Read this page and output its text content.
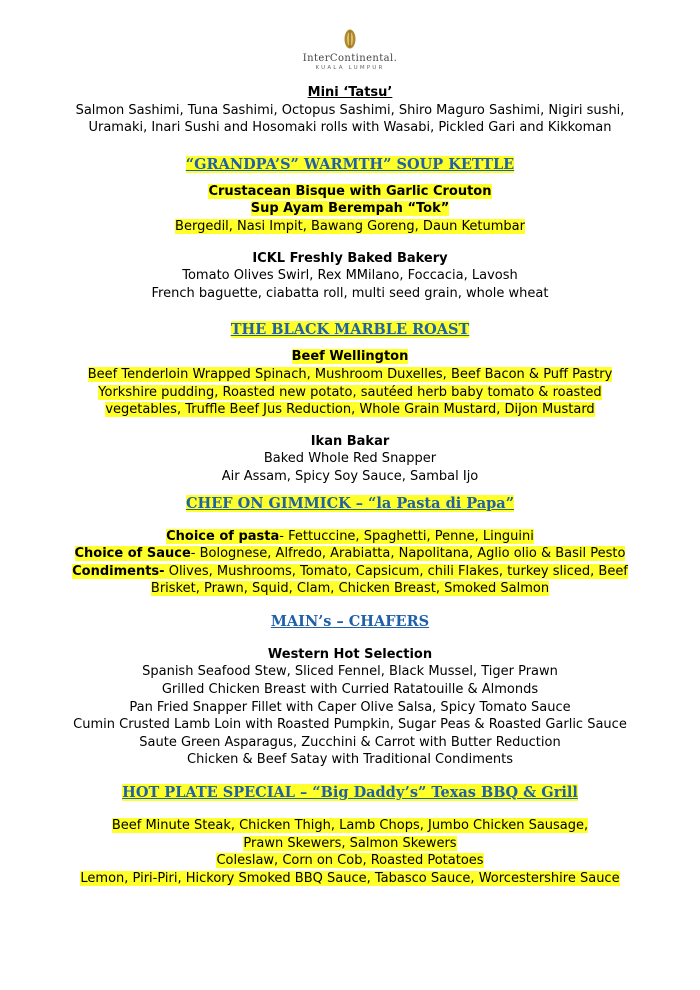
InterContinental.
KUALA LUMPUR
Mini ‘Tatsu’
Salmon Sashimi, Tuna Sashimi, Octopus Sashimi, Shiro Maguro Sashimi, Nigiri sushi,
Uramaki, Inari Sushi and Hosomaki rolls with Wasabi, Pickled Gari and Kikkoman
“GRANDPA’S” WARMTH” SOUP KETTLE
Crustacean Bisque with Garlic Crouton
Sup Ayam Berempah “Tok”
Bergedil, Nasi Impit, Bawang Goreng, Daun Ketumbar
ICKL Freshly Baked Bakery
Tomato Olives Swirl, Rex MMilano, Foccacia, Lavosh
French baguette, ciabatta roll, multi seed grain, whole wheat
THE BLACK MARBLE ROAST
Beef Wellington
Beef Tenderloin Wrapped Spinach, Mushroom Duxelles, Beef Bacon & Puff Pastry
Yorkshire pudding, Roasted new potato, sautéed herb baby tomato & roasted
vegetables, Truffle Beef Jus Reduction, Whole Grain Mustard, Dijon Mustard
Ikan Bakar
Baked Whole Red Snapper
Air Assam, Spicy Soy Sauce, Sambal Ijo
CHEF ON GIMMICK – “la Pasta di Papa”
Choice of pasta- Fettuccine, Spaghetti, Penne, Linguini
Choice of Sauce- Bolognese, Alfredo, Arabiatta, Napolitana, Aglio olio & Basil Pesto
Condiments- Olives, Mushrooms, Tomato, Capsicum, chili Flakes, turkey sliced, Beef
Brisket, Prawn, Squid, Clam, Chicken Breast, Smoked Salmon
MAIN’s – CHAFERS
Western Hot Selection
Spanish Seafood Stew, Sliced Fennel, Black Mussel, Tiger Prawn
Grilled Chicken Breast with Curried Ratatouille & Almonds
Pan Fried Snapper Fillet with Caper Olive Salsa, Spicy Tomato Sauce
Cumin Crusted Lamb Loin with Roasted Pumpkin, Sugar Peas & Roasted Garlic Sauce
Saute Green Asparagus, Zucchini & Carrot with Butter Reduction
Chicken & Beef Satay with Traditional Condiments
HOT PLATE SPECIAL – “Big Daddy’s” Texas BBQ & Grill
Beef Minute Steak, Chicken Thigh, Lamb Chops, Jumbo Chicken Sausage,
Prawn Skewers, Salmon Skewers
Coleslaw, Corn on Cob, Roasted Potatoes
Lemon, Piri-Piri, Hickory Smoked BBQ Sauce, Tabasco Sauce, Worcestershire Sauce
